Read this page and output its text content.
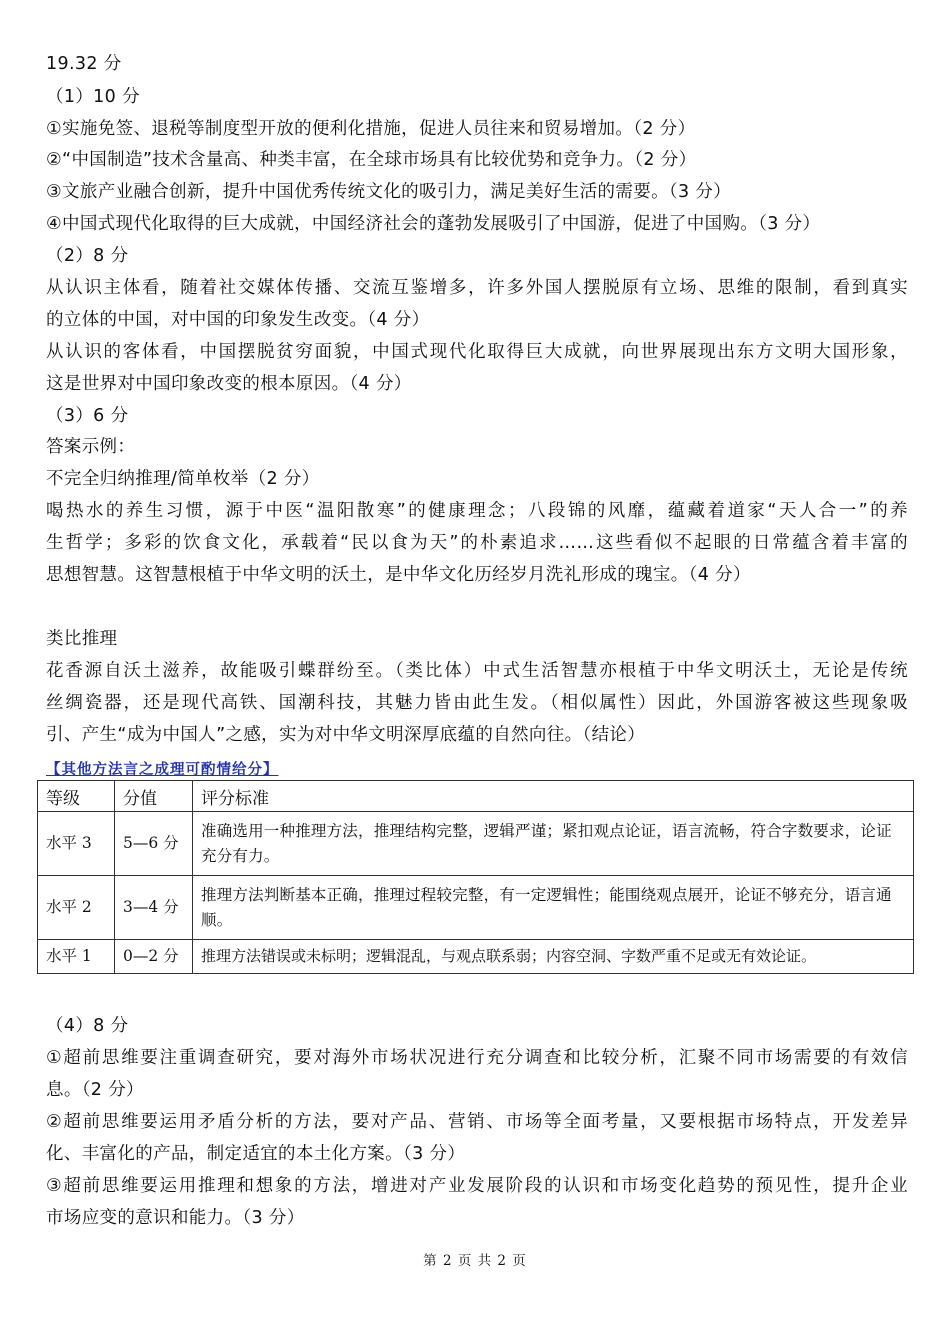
19.32 分
（1）10 分
①实施免签、退税等制度型开放的便利化措施，促进人员往来和贸易增加。（2 分）
②“中国制造”技术含量高、种类丰富，在全球市场具有比较优势和竞争力。（2 分）
③文旅产业融合创新，提升中国优秀传统文化的吸引力，满足美好生活的需要。（3 分）
④中国式现代化取得的巨大成就，中国经济社会的蓬勃发展吸引了中国游，促进了中国购。（3 分）
（2）8 分
从认识主体看，随着社交媒体传播、交流互鉴增多，许多外国人摆脱原有立场、思维的限制，看到真实
的立体的中国，对中国的印象发生改变。（4 分）
从认识的客体看，中国摆脱贫穷面貌，中国式现代化取得巨大成就，向世界展现出东方文明大国形象，
这是世界对中国印象改变的根本原因。（4 分）
（3）6 分
答案示例：
不完全归纳推理/简单枚举（2 分）
喝热水的养生习惯，源于中医“温阳散寒”的健康理念；八段锦的风靡，蕴藏着道家“天人合一”的养
生哲学；多彩的饮食文化，承载着“民以食为天”的朴素追求……这些看似不起眼的日常蕴含着丰富的
思想智慧。这智慧根植于中华文明的沃土，是中华文化历经岁月洗礼形成的瑰宝。（4 分）
类比推理
花香源自沃土滋养，故能吸引蝶群纷至。（类比体）中式生活智慧亦根植于中华文明沃土，无论是传统
丝绸瓷器，还是现代高铁、国潮科技，其魅力皆由此生发。（相似属性）因此，外国游客被这些现象吸
引、产生“成为中国人”之感，实为对中华文明深厚底蕴的自然向往。（结论）
（4）8 分
①超前思维要注重调查研究，要对海外市场状况进行充分调查和比较分析，汇聚不同市场需要的有效信
息。（2 分）
②超前思维要运用矛盾分析的方法，要对产品、营销、市场等全面考量，又要根据市场特点，开发差异
化、丰富化的产品，制定适宜的本土化方案。（3 分）
③超前思维要运用推理和想象的方法，增进对产业发展阶段的认识和市场变化趋势的预见性，提升企业
市场应变的意识和能力。（3 分）
【其他方法言之成理可酌情给分】
等级	分值	评分标准
水平 3	5—6 分	准确选用一种推理方法，推理结构完整，逻辑严谨；紧扣观点论证，语言流畅，符合字数要求，论证充分有力。
水平 2	3—4 分	推理方法判断基本正确，推理过程较完整，有一定逻辑性；能围绕观点展开，论证不够充分，语言通顺。
水平 1	0—2 分	推理方法错误或未标明；逻辑混乱，与观点联系弱；内容空洞、字数严重不足或无有效论证。
第 2 页 共 2 页
